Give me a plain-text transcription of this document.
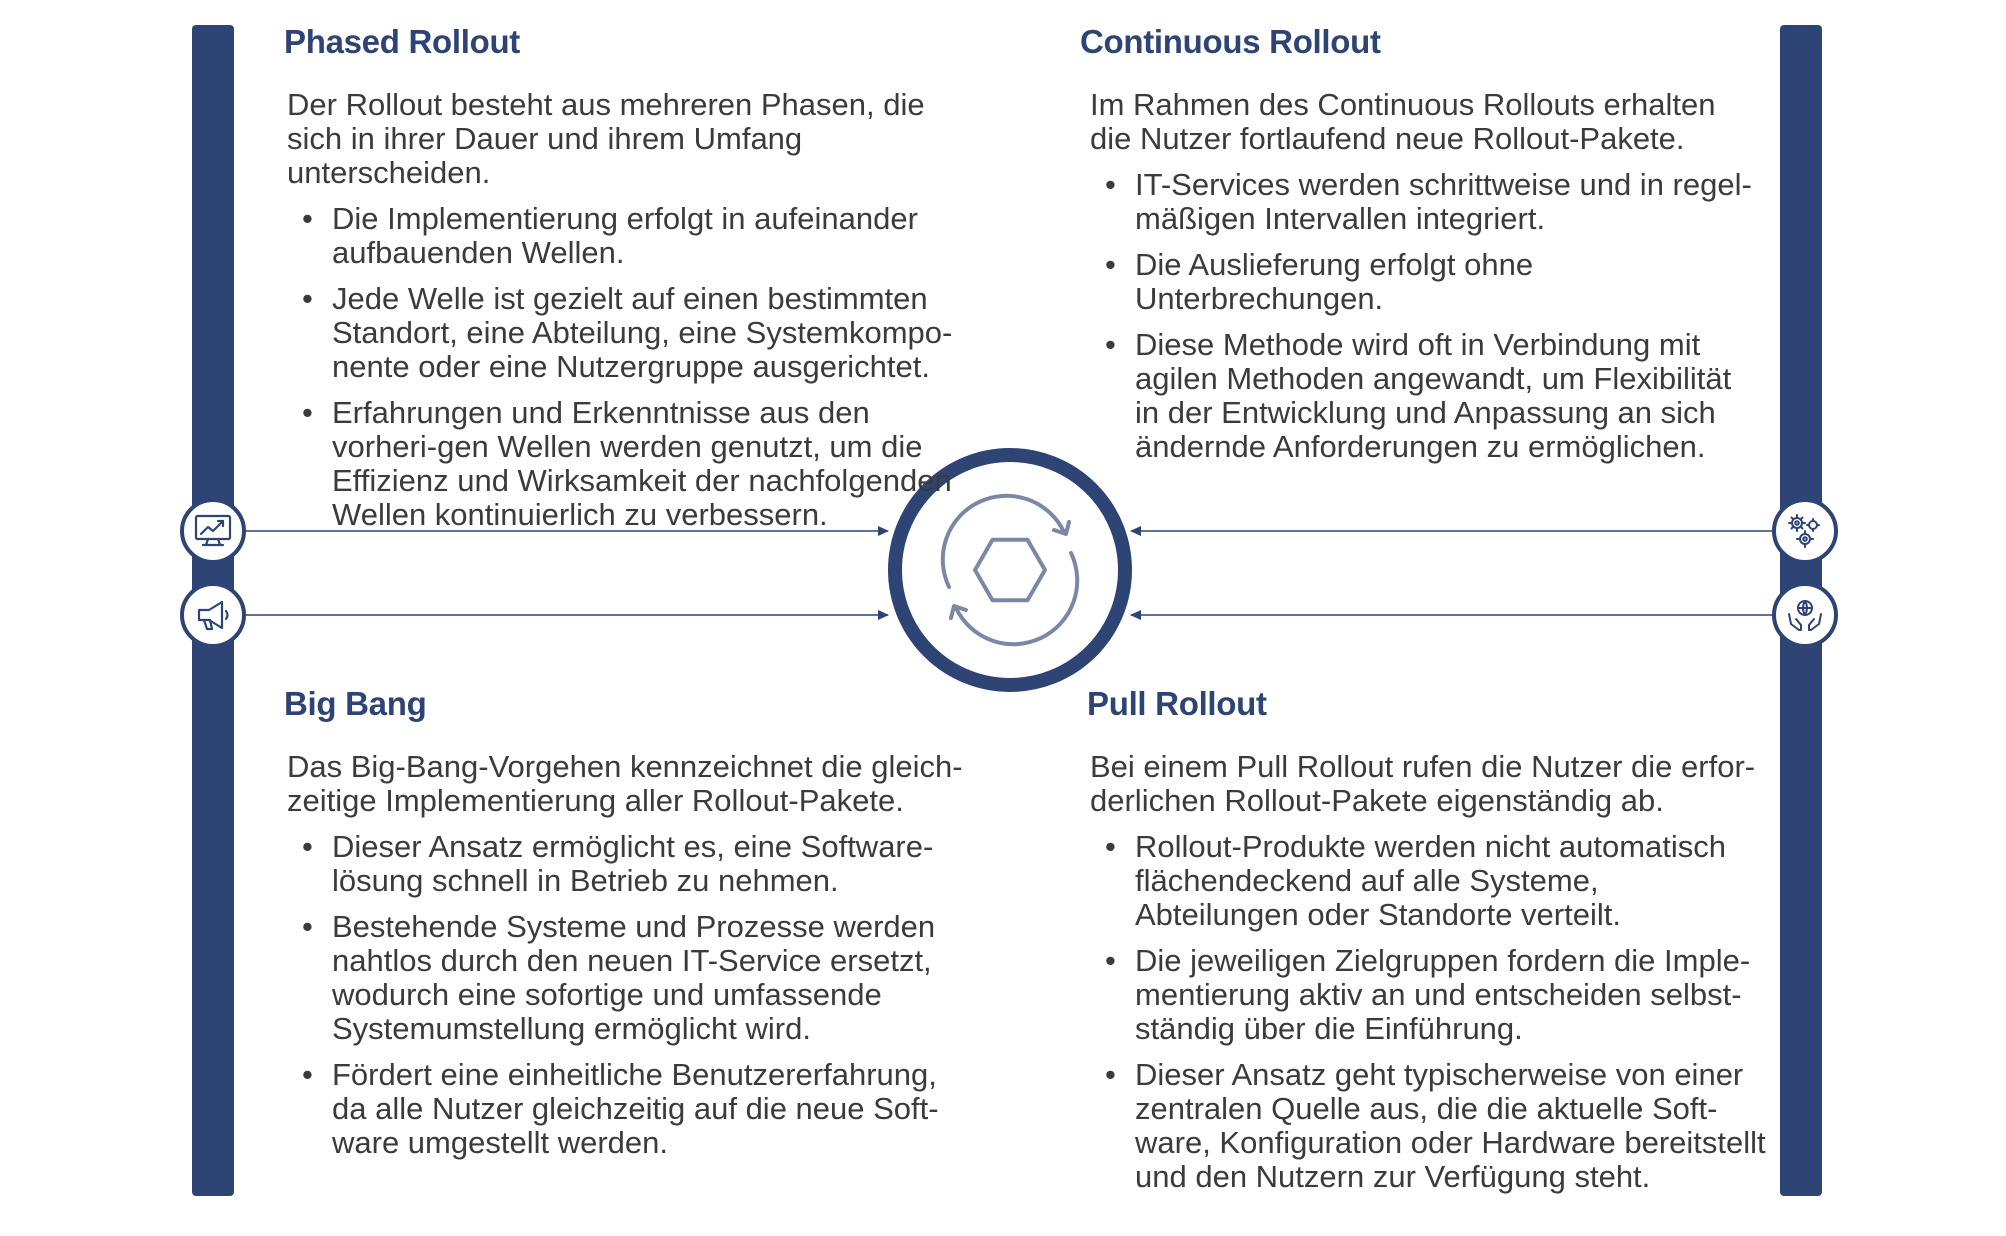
Phased Rollout

Der Rollout besteht aus mehreren Phasen, die sich in ihrer Dauer und ihrem Umfang unterscheiden.

• Die Implementierung erfolgt in aufeinander aufbauenden Wellen.
• Jede Welle ist gezielt auf einen bestimmten Standort, eine Abteilung, eine Systemkompo-nente oder eine Nutzergruppe ausgerichtet.
• Erfahrungen und Erkenntnisse aus den vorheri-gen Wellen werden genutzt, um die Effizienz und Wirksamkeit der nachfolgenden Wellen kontinuierlich zu verbessern.
Continuous Rollout

Im Rahmen des Continuous Rollouts erhalten die Nutzer fortlaufend neue Rollout-Pakete.

• IT-Services werden schrittweise und in regel-mäßigen Intervallen integriert.
• Die Auslieferung erfolgt ohne Unterbrechungen.
• Diese Methode wird oft in Verbindung mit agilen Methoden angewandt, um Flexibilität in der Entwicklung und Anpassung an sich ändernde Anforderungen zu ermöglichen.
Big Bang

Das Big-Bang-Vorgehen kennzeichnet die gleich-zeitige Implementierung aller Rollout-Pakete.

• Dieser Ansatz ermöglicht es, eine Software-lösung schnell in Betrieb zu nehmen.
• Bestehende Systeme und Prozesse werden nahtlos durch den neuen IT-Service ersetzt, wodurch eine sofortige und umfassende Systemumstellung ermöglicht wird.
• Fördert eine einheitliche Benutzererfahrung, da alle Nutzer gleichzeitig auf die neue Soft-ware umgestellt werden.
Pull Rollout

Bei einem Pull Rollout rufen die Nutzer die erfor-derlichen Rollout-Pakete eigenständig ab.

• Rollout-Produkte werden nicht automatisch flächendeckend auf alle Systeme, Abteilungen oder Standorte verteilt.
• Die jeweiligen Zielgruppen fordern die Imple-mentierung aktiv an und entscheiden selbst-ständig über die Einführung.
• Dieser Ansatz geht typischerweise von einer zentralen Quelle aus, die die aktuelle Soft-ware, Konfiguration oder Hardware bereitstellt und den Nutzern zur Verfügung steht.
